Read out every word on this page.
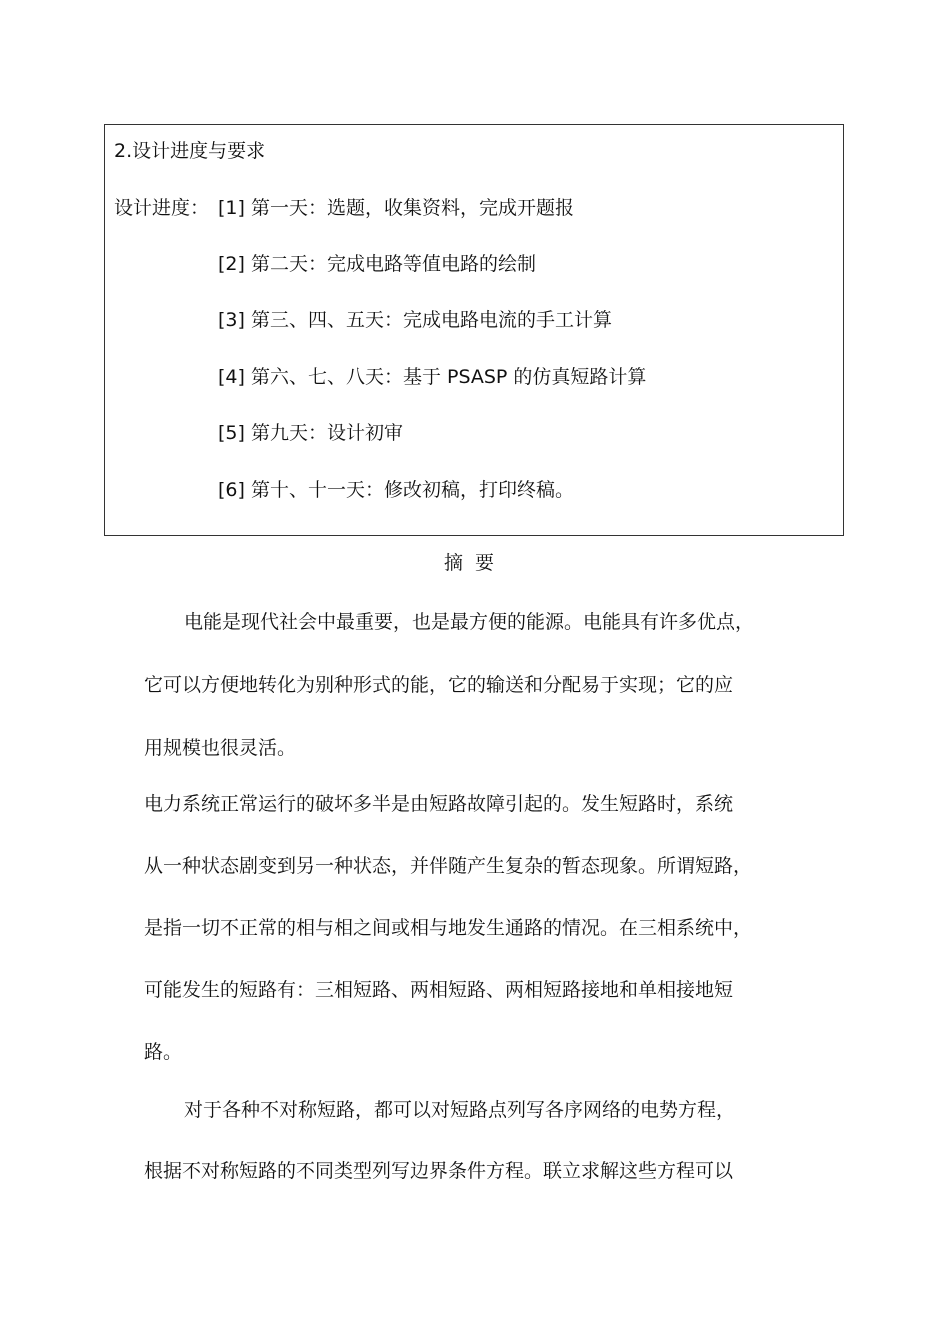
2.设计进度与要求
设计进度： [1] 第一天：选题，收集资料，完成开题报
[2] 第二天：完成电路等值电路的绘制
[3] 第三、四、五天：完成电路电流的手工计算
[4] 第六、七、八天：基于 PSASP 的仿真短路计算
[5] 第九天：设计初审
[6] 第十、十一天：修改初稿，打印终稿。
摘要
电能是现代社会中最重要，也是最方便的能源。电能具有许多优点，
它可以方便地转化为别种形式的能，它的输送和分配易于实现；它的应
用规模也很灵活。
电力系统正常运行的破坏多半是由短路故障引起的。发生短路时，系统
从一种状态剧变到另一种状态，并伴随产生复杂的暂态现象。所谓短路，
是指一切不正常的相与相之间或相与地发生通路的情况。在三相系统中，
可能发生的短路有：三相短路、两相短路、两相短路接地和单相接地短
路。
对于各种不对称短路，都可以对短路点列写各序网络的电势方程，
根据不对称短路的不同类型列写边界条件方程。联立求解这些方程可以
